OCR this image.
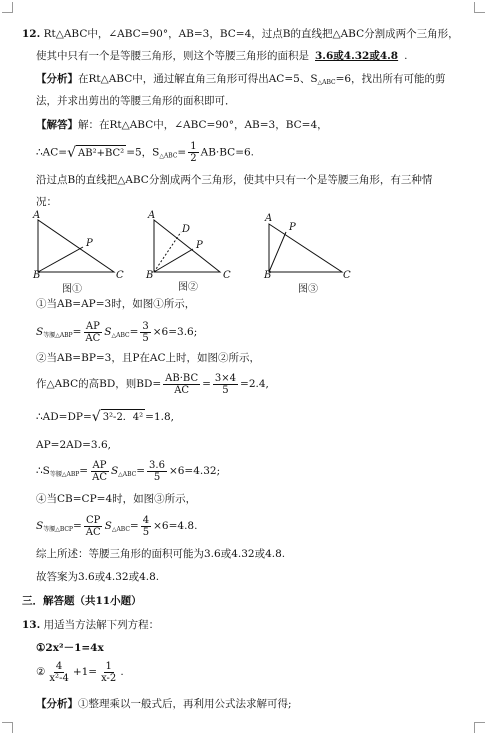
12. Rt△ABC中，∠ABC=90°，AB=3，BC=4，过点B的直线把△ABC分割成两个三角形，
使其中只有一个是等腰三角形，则这个等腰三角形的面积是 3.6或4.32或4.8 .
【分析】在Rt△ABC中，通过解直角三角形可得出AC=5、$S_{\triangle ABC}=6$，找出所有可能的剪
法，并求出剪出的等腰三角形的面积即可．
【解答】解：在Rt△ABC中，∠ABC=90°，AB=3，BC=4，
∴AC= √ AB²+BC² =5，$S_{\triangle ABC}= \frac{1}{2} AB\cdot BC=6$.
沿过点B的直线把△ABC分割成两个三角形，使其中只有一个是等腰三角形，有三种情
况：
A
B	C
P
图①
A
D
P
B	C
图②
A
P
B	C
图③
①当AB=AP=3时，如图①所示，
$S_{等腰\triangle ABP}= \frac{AP}{AC} S_{\triangle ABC}= \frac{3}{5} \times 6=3.6$;
②当AB=BP=3，且P在AC上时，如图②所示，
作△ABC的高BD，则$BD= \frac{AB\cdot BC}{AC} = \frac{3\times 4}{5} =2.4$,
∴AD=DP= √ 3²-2．4² =1.8,
AP=2AD=3.6,
$\therefore S_{等腰\triangle ABP}= \frac{AP}{AC} S_{\triangle ABC}= \frac{3.6}{5} \times 6=4.32$;
④当CB=CP=4时，如图③所示，
$S_{等腰\triangle BCP}= \frac{CP}{AC} S_{\triangle ABC}= \frac{4}{5} \times 6=4.8$.
综上所述：等腰三角形的面积可能为3.6或4.32或4.8.
故答案为3.6或4.32或4.8.
三．解答题（共11小题）
13. 用适当方法解下列方程：
①2x²－1=4x
② $\frac{4}{\text{x²-4}} +1= \frac{1}{x-2}$ .
【分析】①整理乘以一般式后，再利用公式法求解可得;
